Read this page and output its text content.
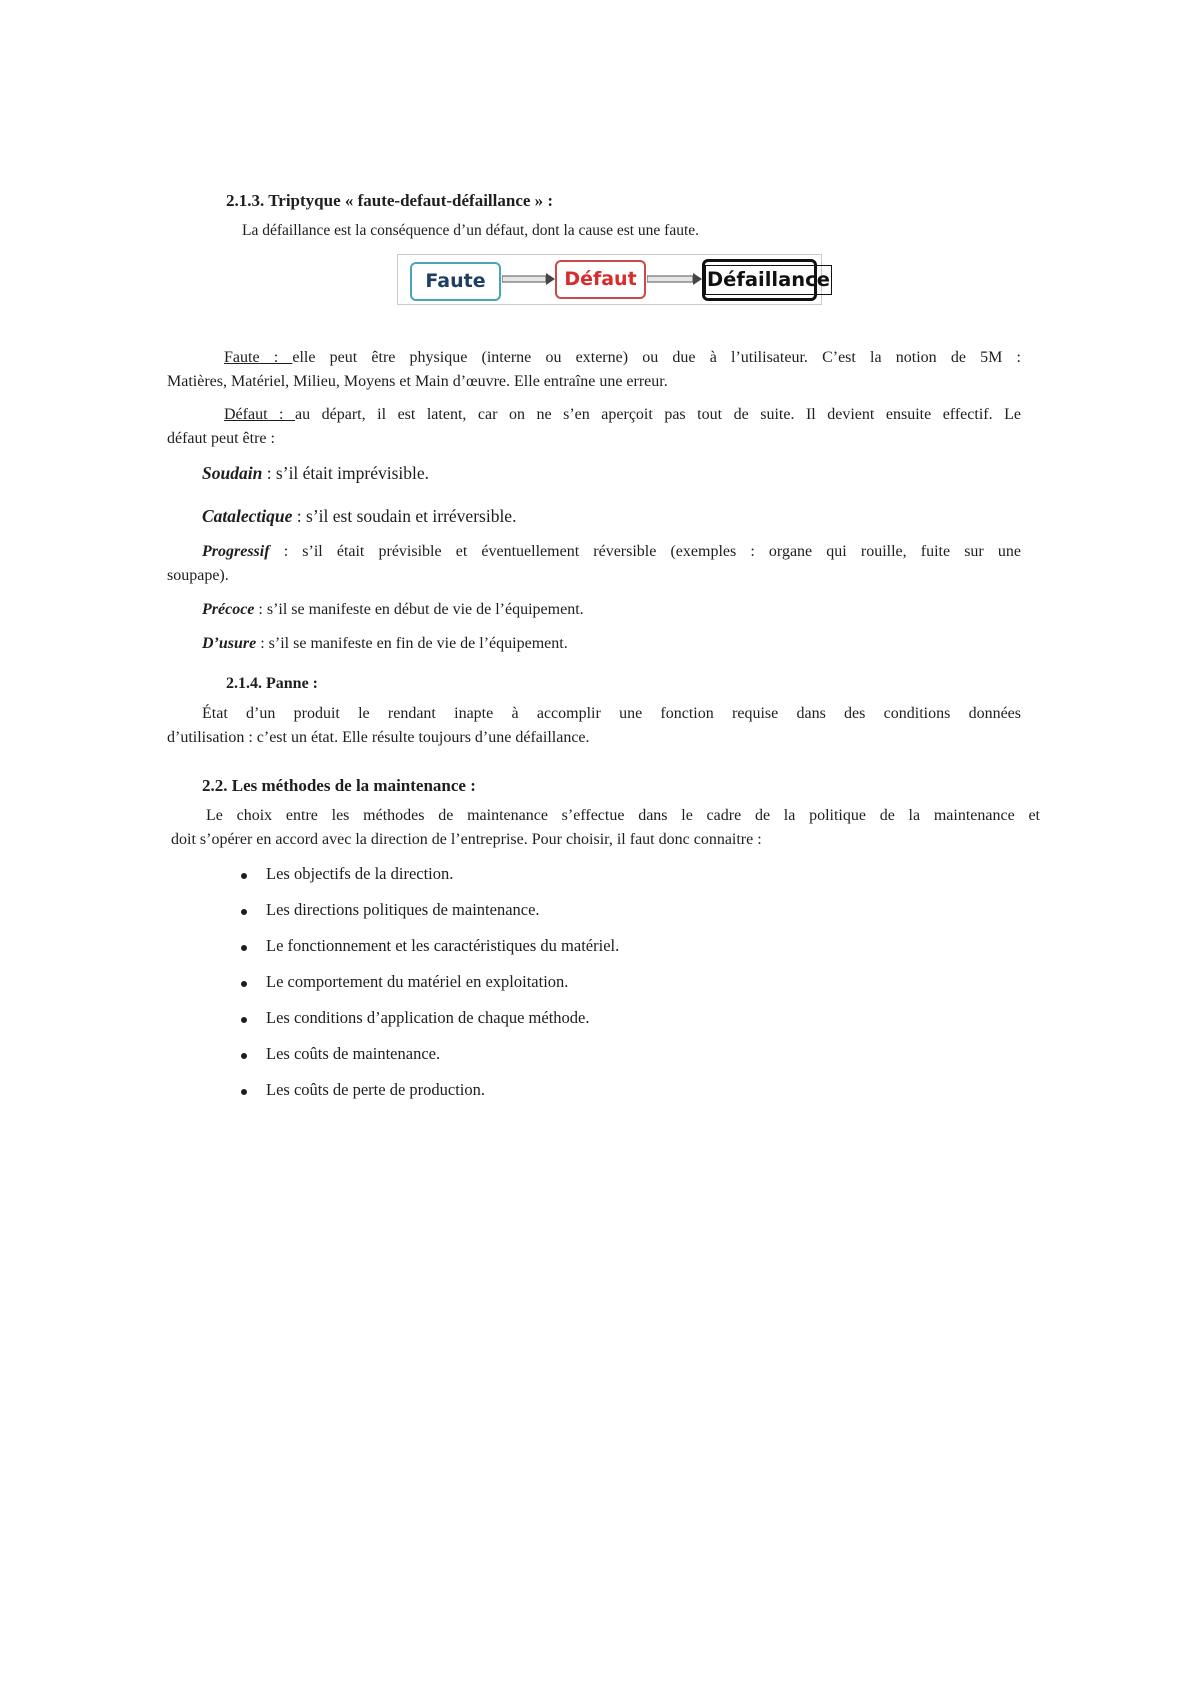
2.1.3. Triptyque « faute-defaut-défaillance » :
La défaillance est la conséquence d’un défaut, dont la cause est une faute.
Faute	Défaut	Défaillance
Faute : elle peut être physique (interne ou externe) ou due à l’utilisateur. C’est la notion de 5M :
Matières, Matériel, Milieu, Moyens et Main d’œuvre. Elle entraîne une erreur.
Défaut : au départ, il est latent, car on ne s’en aperçoit pas tout de suite. Il devient ensuite effectif. Le
défaut peut être :
Soudain : s’il était imprévisible.
Catalectique : s’il est soudain et irréversible.
Progressif : s’il était prévisible et éventuellement réversible (exemples : organe qui rouille, fuite sur une
soupape).
Précoce : s’il se manifeste en début de vie de l’équipement.
D’usure : s’il se manifeste en fin de vie de l’équipement.
2.1.4. Panne :
État d’un produit le rendant inapte à accomplir une fonction requise dans des conditions données
d’utilisation : c’est un état. Elle résulte toujours d’une défaillance.
2.2. Les méthodes de la maintenance :
Le choix entre les méthodes de maintenance s’effectue dans le cadre de la politique de la maintenance et
doit s’opérer en accord avec la direction de l’entreprise. Pour choisir, il faut donc connaitre :
Les objectifs de la direction.
Les directions politiques de maintenance.
Le fonctionnement et les caractéristiques du matériel.
Le comportement du matériel en exploitation.
Les conditions d’application de chaque méthode.
Les coûts de maintenance.
Les coûts de perte de production.
